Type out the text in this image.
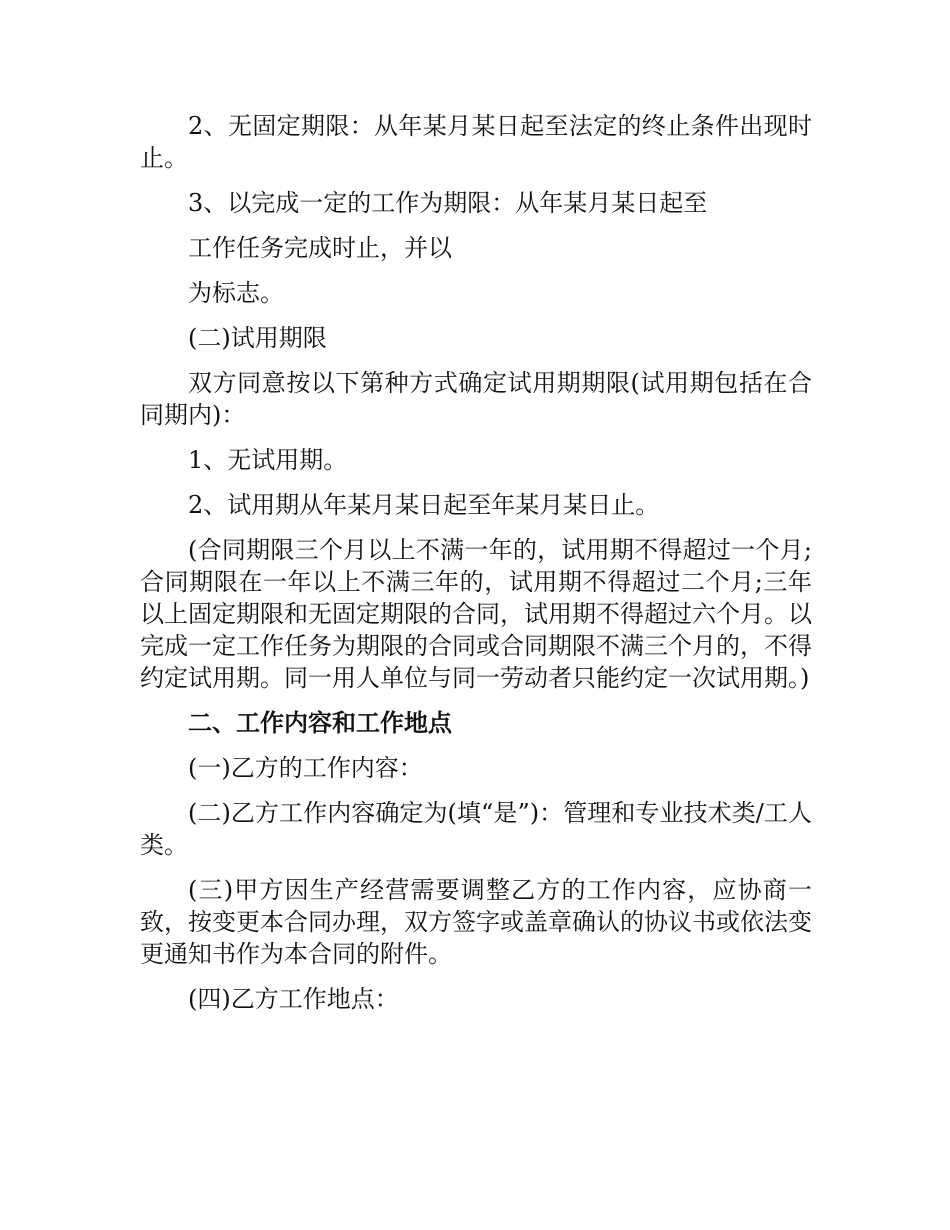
2、无固定期限：从年某月某日起至法定的终止条件出现时止。

3、以完成一定的工作为期限：从年某月某日起至

工作任务完成时止，并以

为标志。

(二)试用期限

双方同意按以下第种方式确定试用期期限(试用期包括在合同期内)：

1、无试用期。

2、试用期从年某月某日起至年某月某日止。

(合同期限三个月以上不满一年的，试用期不得超过一个月;合同期限在一年以上不满三年的，试用期不得超过二个月;三年以上固定期限和无固定期限的合同，试用期不得超过六个月。以完成一定工作任务为期限的合同或合同期限不满三个月的，不得约定试用期。同一用人单位与同一劳动者只能约定一次试用期。)

二、工作内容和工作地点

(一)乙方的工作内容：

(二)乙方工作内容确定为(填“是”)：管理和专业技术类/工人类。

(三)甲方因生产经营需要调整乙方的工作内容，应协商一致，按变更本合同办理，双方签字或盖章确认的协议书或依法变更通知书作为本合同的附件。

(四)乙方工作地点：
